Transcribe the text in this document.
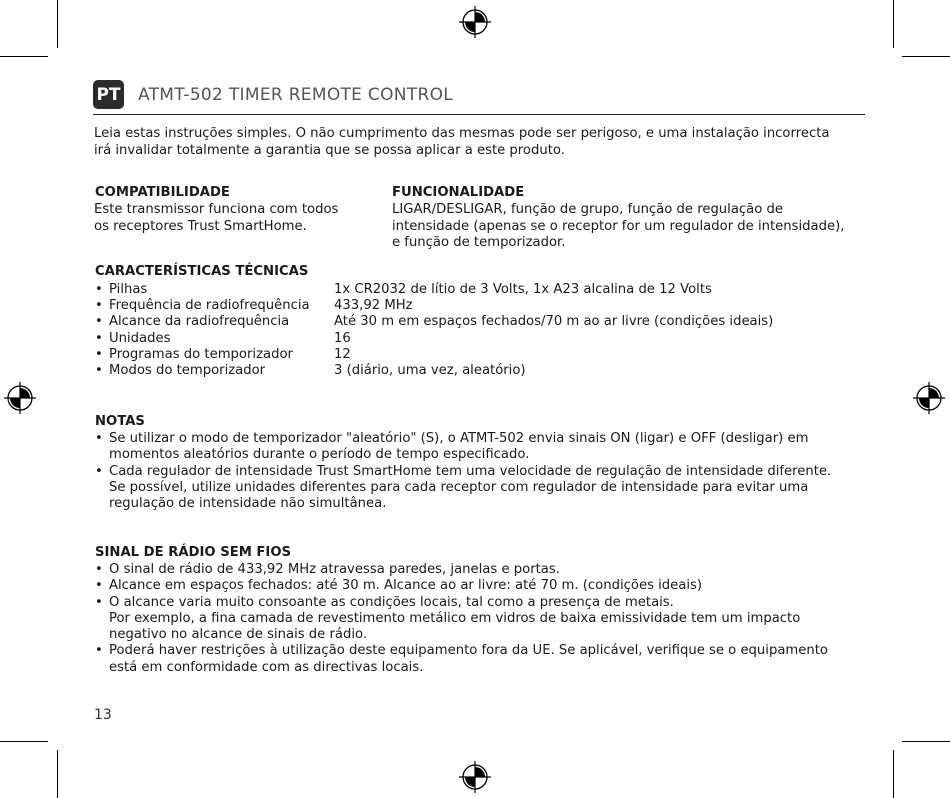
PT ATMT-502 TIMER REMOTE CONTROL
Leia estas instruções simples. O não cumprimento das mesmas pode ser perigoso, e uma instalação incorrecta
irá invalidar totalmente a garantia que se possa aplicar a este produto.
COMPATIBILIDADE
Este transmissor funciona com todos
os receptores Trust SmartHome.
FUNCIONALIDADE
LIGAR/DESLIGAR, função de grupo, função de regulação de
intensidade (apenas se o receptor for um regulador de intensidade),
e função de temporizador.
CARACTERÍSTICAS TÉCNICAS
• Pilhas	1x CR2032 de lítio de 3 Volts, 1x A23 alcalina de 12 Volts
• Frequência de radiofrequência	433,92 MHz
• Alcance da radiofrequência	Até 30 m em espaços fechados/70 m ao ar livre (condições ideais)
• Unidades	16
• Programas do temporizador	12
• Modos do temporizador	3 (diário, uma vez, aleatório)
NOTAS
• Se utilizar o modo de temporizador "aleatório" (S), o ATMT-502 envia sinais ON (ligar) e OFF (desligar) em
momentos aleatórios durante o período de tempo especificado.
• Cada regulador de intensidade Trust SmartHome tem uma velocidade de regulação de intensidade diferente.
Se possível, utilize unidades diferentes para cada receptor com regulador de intensidade para evitar uma
regulação de intensidade não simultânea.
SINAL DE RÁDIO SEM FIOS
• O sinal de rádio de 433,92 MHz atravessa paredes, janelas e portas.
• Alcance em espaços fechados: até 30 m. Alcance ao ar livre: até 70 m. (condições ideais)
• O alcance varia muito consoante as condições locais, tal como a presença de metais.
Por exemplo, a fina camada de revestimento metálico em vidros de baixa emissividade tem um impacto
negativo no alcance de sinais de rádio.
• Poderá haver restrições à utilização deste equipamento fora da UE. Se aplicável, verifique se o equipamento
está em conformidade com as directivas locais.
13
